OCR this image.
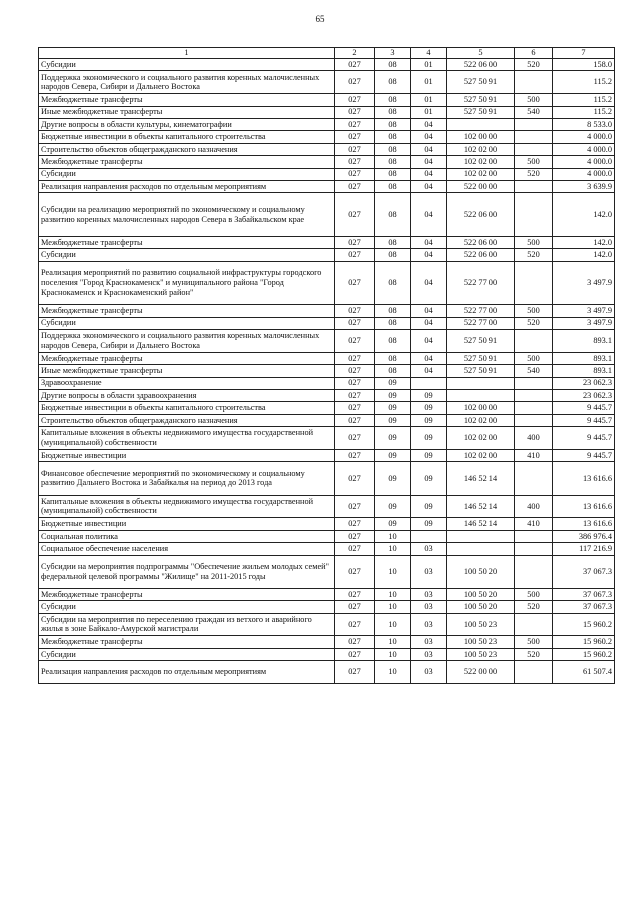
65
1	2	3	4	5	6	7
Субсидии	027	08	01	522 06 00	520	158.0
Поддержка экономического и социального развития коренных малочисленных народов Севера, Сибири и Дальнего Востока	027	08	01	527 50 91		115.2
Межбюджетные трансферты	027	08	01	527 50 91	500	115.2
Иные межбюджетные трансферты	027	08	01	527 50 91	540	115.2
Другие вопросы в области культуры, кинематографии	027	08	04			8 533.0
Бюджетные инвестиции в объекты капитального строительства	027	08	04	102 00 00		4 000.0
Строительство объектов общегражданского назначения	027	08	04	102 02 00		4 000.0
Межбюджетные трансферты	027	08	04	102 02 00	500	4 000.0
Субсидии	027	08	04	102 02 00	520	4 000.0
Реализация направления расходов по отдельным мероприятиям	027	08	04	522 00 00		3 639.9
Субсидии на реализацию мероприятий по экономическому и социальному развитию коренных малочисленных народов Севера в Забайкальском крае	027	08	04	522 06 00		142.0
Межбюджетные трансферты	027	08	04	522 06 00	500	142.0
Субсидии	027	08	04	522 06 00	520	142.0
Реализация мероприятий по развитию социальной инфраструктуры городского поселения "Город Краснокаменск" и муниципального района "Город Краснокаменск и Краснокаменский район"	027	08	04	522 77 00		3 497.9
Межбюджетные трансферты	027	08	04	522 77 00	500	3 497.9
Субсидии	027	08	04	522 77 00	520	3 497.9
Поддержка экономического и социального развития коренных малочисленных народов Севера, Сибири и Дальнего Востока	027	08	04	527 50 91		893.1
Межбюджетные трансферты	027	08	04	527 50 91	500	893.1
Иные межбюджетные трансферты	027	08	04	527 50 91	540	893.1
Здравоохранение	027	09				23 062.3
Другие вопросы в области здравоохранения	027	09	09			23 062.3
Бюджетные инвестиции в объекты капитального строительства	027	09	09	102 00 00		9 445.7
Строительство объектов общегражданского назначения	027	09	09	102 02 00		9 445.7
Капитальные вложения в объекты недвижимого имущества государственной (муниципальной) собственности	027	09	09	102 02 00	400	9 445.7
Бюджетные инвестиции	027	09	09	102 02 00	410	9 445.7
Финансовое обеспечение мероприятий по экономическому и социальному развитию Дальнего Востока и Забайкалья на период до 2013 года	027	09	09	146 52 14		13 616.6
Капитальные вложения в объекты недвижимого имущества государственной (муниципальной) собственности	027	09	09	146 52 14	400	13 616.6
Бюджетные инвестиции	027	09	09	146 52 14	410	13 616.6
Социальная политика	027	10				386 976.4
Социальное обеспечение населения	027	10	03			117 216.9
Субсидии на мероприятия подпрограммы "Обеспечение жильем молодых семей" федеральной целевой программы "Жилище" на 2011-2015 годы	027	10	03	100 50 20		37 067.3
Межбюджетные трансферты	027	10	03	100 50 20	500	37 067.3
Субсидии	027	10	03	100 50 20	520	37 067.3
Субсидии на мероприятия по переселению граждан из ветхого и аварийного жилья в зоне Байкало-Амурской магистрали	027	10	03	100 50 23		15 960.2
Межбюджетные трансферты	027	10	03	100 50 23	500	15 960.2
Субсидии	027	10	03	100 50 23	520	15 960.2
Реализация направления расходов по отдельным мероприятиям	027	10	03	522 00 00		61 507.4
